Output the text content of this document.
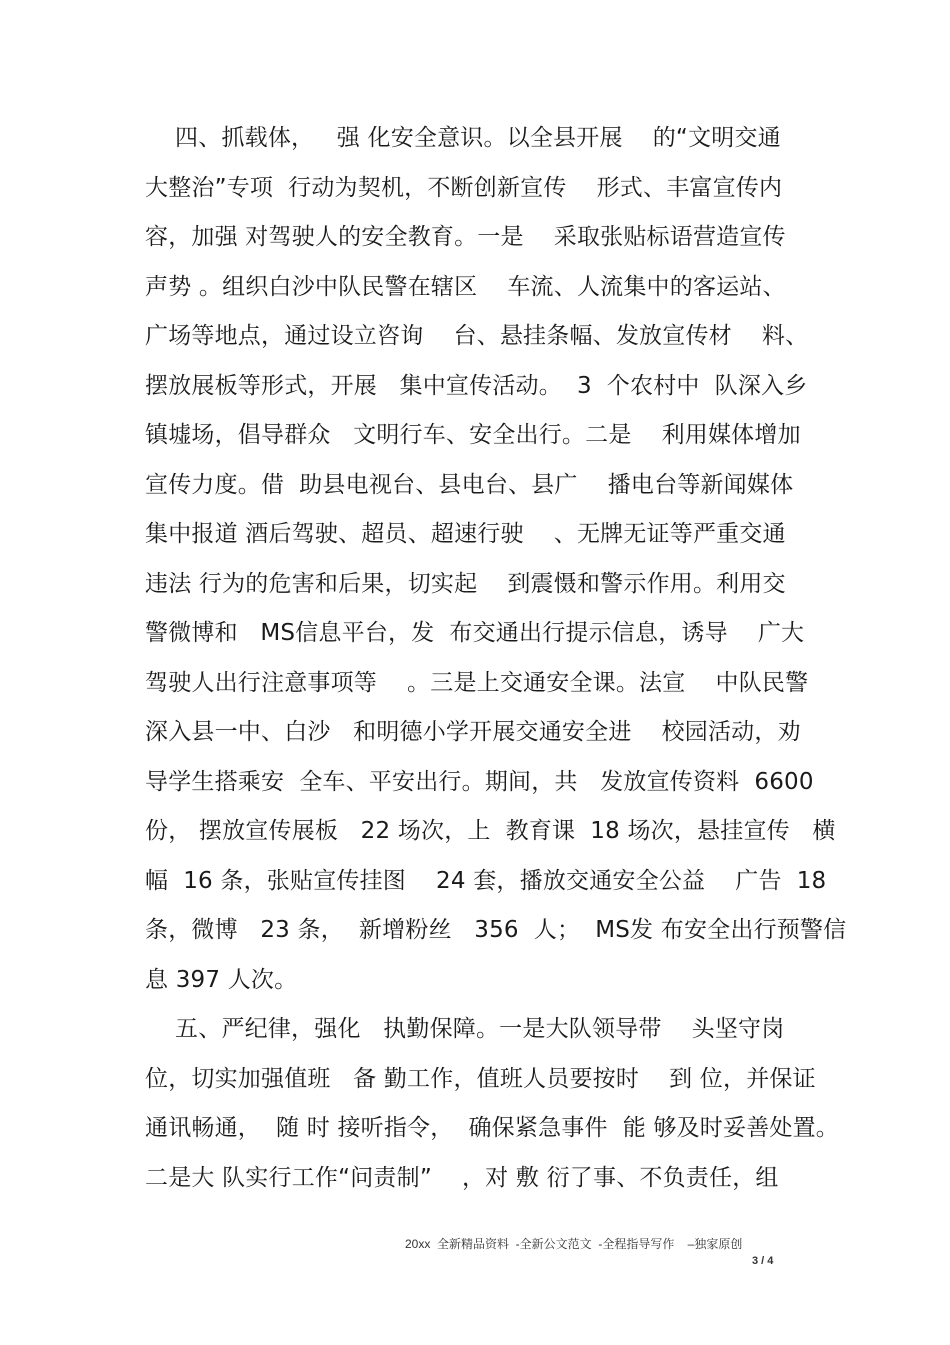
四、抓载体，   强 化安全意识。以全县开展    的“文明交通
大整治”专项  行动为契机，不断创新宣传    形式、丰富宣传内
容，加强 对驾驶人的安全教育。一是    采取张贴标语营造宣传
声势 。组织白沙中队民警在辖区    车流、人流集中的客运站、
广场等地点，通过设立咨询    台、悬挂条幅、发放宣传材    料、
摆放展板等形式，开展   集中宣传活动。  3  个农村中  队深入乡
镇墟场，倡导群众   文明行车、安全出行。二是    利用媒体增加
宣传力度。借  助县电视台、县电台、县广    播电台等新闻媒体
集中报道 酒后驾驶、超员、超速行驶    、无牌无证等严重交通
违法 行为的危害和后果，切实起    到震慑和警示作用。利用交
警微博和   MS信息平台，发  布交通出行提示信息，诱导    广大
驾驶人出行注意事项等    。三是上交通安全课。法宣    中队民警
深入县一中、白沙   和明德小学开展交通安全进    校园活动，劝
导学生搭乘安  全车、平安出行。期间，共   发放宣传资料  6600
份， 摆放宣传展板   22 场次，上  教育课  18 场次，悬挂宣传   横
幅  16 条，张贴宣传挂图    24 套，播放交通安全公益    广告  18
条，微博   23 条，  新增粉丝   356  人；  MS发 布安全出行预警信
息 397 人次。
五、严纪律，强化   执勤保障。一是大队领导带    头坚守岗
位，切实加强值班   备 勤工作，值班人员要按时    到 位，并保证
通讯畅通，  随 时 接听指令，  确保紧急事件  能 够及时妥善处置。
二是大 队实行工作“问责制”    ，对 敷 衍了事、不负责任，组
20xx  全新精品资料  -全新公文范文  -全程指导写作    –独家原创
3 / 4
